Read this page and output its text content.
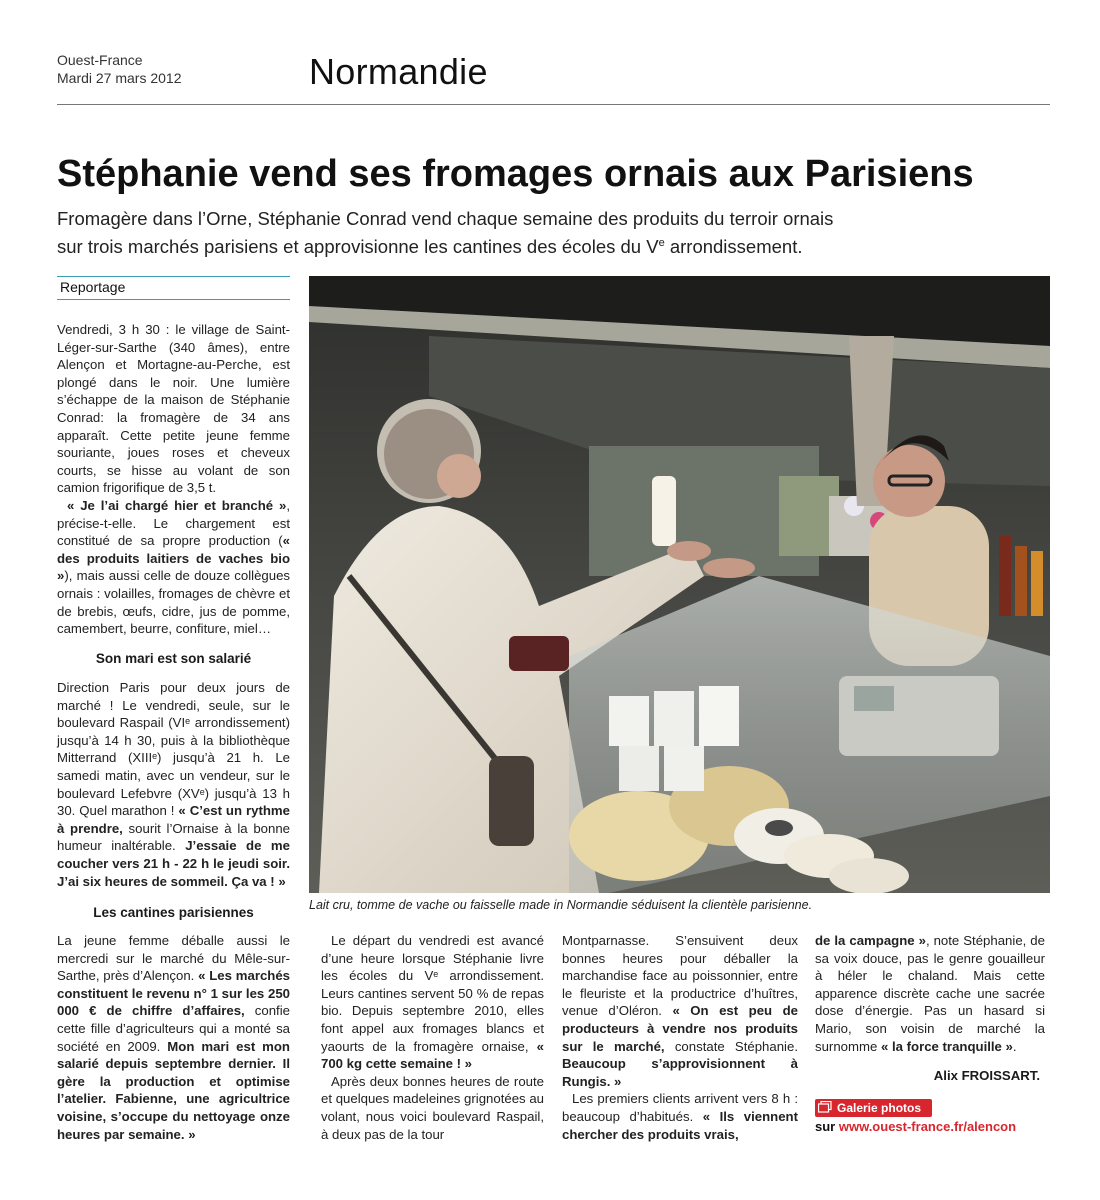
Ouest-France
Mardi 27 mars 2012	Normandie
Stéphanie vend ses fromages ornais aux Parisiens
Fromagère dans l’Orne, Stéphanie Conrad vend chaque semaine des produits du terroir ornais
sur trois marchés parisiens et approvisionne les cantines des écoles du Ve arrondissement.
Reportage

Vendredi, 3 h 30 : le village de Saint-Léger-sur-Sarthe (340 âmes), entre Alençon et Mortagne-au-Perche, est plongé dans le noir. Une lumière s’échappe de la maison de Stéphanie Conrad: la fromagère de 34 ans apparaît. Cette petite jeune femme souriante, joues roses et cheveux courts, se hisse au volant de son camion frigorifique de 3,5 t.

« Je l’ai chargé hier et branché », précise-t-elle. Le chargement est constitué de sa propre production (« des produits laitiers de vaches bio »), mais aussi celle de douze collègues ornais : volailles, fromages de chèvre et de brebis, œufs, cidre, jus de pomme, camembert, beurre, confiture, miel…

Son mari est son salarié

Direction Paris pour deux jours de marché ! Le vendredi, seule, sur le boulevard Raspail (VIᵉ arrondissement) jusqu’à 14 h 30, puis à la bibliothèque Mitterrand (XIIIᵉ) jusqu’à 21 h. Le samedi matin, avec un vendeur, sur le boulevard Lefebvre (XVᵉ) jusqu’à 13 h 30. Quel marathon ! « C’est un rythme à prendre, sourit l’Ornaise à la bonne humeur inaltérable. J’essaie de me coucher vers 21 h - 22 h le jeudi soir. J’ai six heures de sommeil. Ça va ! »

Les cantines parisiennes

La jeune femme déballe aussi le mercredi sur le marché du Mêle-sur-Sarthe, près d’Alençon. « Les marchés constituent le revenu n° 1 sur les 250 000 € de chiffre d’affaires, confie cette fille d’agriculteurs qui a monté sa société en 2009. Mon mari est mon salarié depuis septembre dernier. Il gère la production et optimise l’atelier. Fabienne, une agricultrice voisine, s’occupe du nettoyage onze heures par semaine. »

Lait cru, tomme de vache ou faisselle made in Normandie séduisent la clientèle parisienne.

Le départ du vendredi est avancé d’une heure lorsque Stéphanie livre les écoles du Vᵉ arrondissement. Leurs cantines servent 50 % de repas bio. Depuis septembre 2010, elles font appel aux fromages blancs et yaourts de la fromagère ornaise, « 700 kg cette semaine ! »

Après deux bonnes heures de route et quelques madeleines grignotées au volant, nous voici boulevard Raspail, à deux pas de la tour

Montparnasse. S’ensuivent deux bonnes heures pour déballer la marchandise face au poissonnier, entre le fleuriste et la productrice d’huîtres, venue d’Oléron. « On est peu de producteurs à vendre nos produits sur le marché, constate Stéphanie. Beaucoup s’approvisionnent à Rungis. »

Les premiers clients arrivent vers 8 h : beaucoup d’habitués. « Ils viennent chercher des produits vrais,

de la campagne », note Stéphanie, de sa voix douce, pas le genre gouailleur à héler le chaland. Mais cette apparence discrète cache une sacrée dose d’énergie. Pas un hasard si Mario, son voisin de marché la surnomme « la force tranquille ».

Alix FROISSART.
Galerie photos
sur www.ouest-france.fr/alencon
